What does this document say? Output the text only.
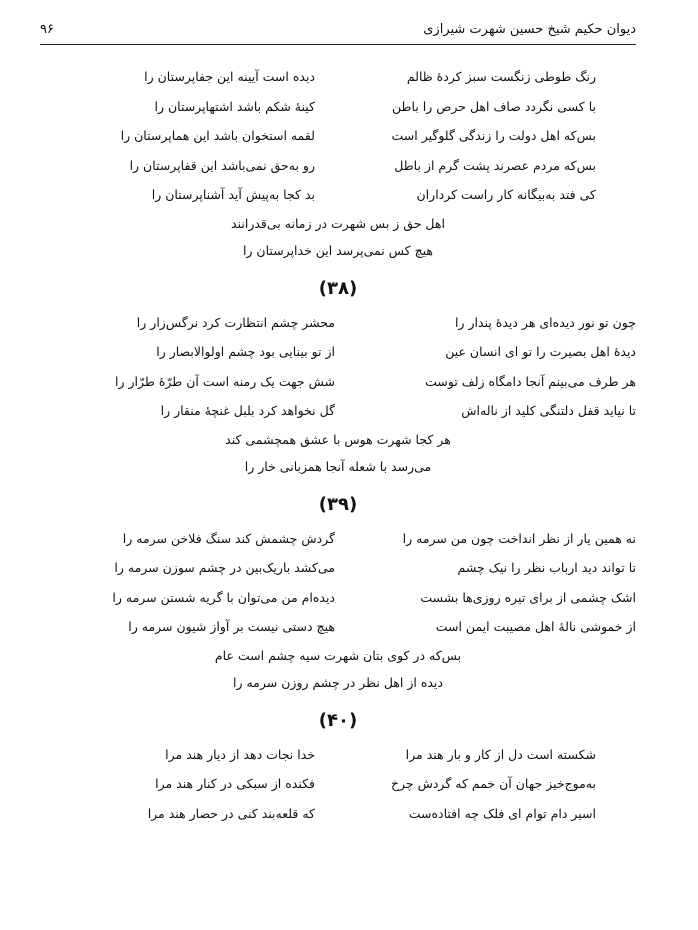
دیوان حکیم شیخ حسین شهرت شیرازی
۹۶
رنگ طوطی زنگست سبز کردهٔ ظالم
دیده است آیینه این جفاپرستان را
با کسی نگردد صاف اهل حرص را باطن
کینهٔ شکم باشد اشتهاپرستان را
بس‌که اهل دولت را زندگی گلوگیر است
لقمه استخوان باشد این هماپرستان را
بس‌که مردم عصرند پشت گرم از باطل
رو به‌حق نمی‌باشد این قفاپرستان را
کی فتد به‌بیگانه کار راست کرداران
بد کجا به‌پیش آید آشناپرستان را
اهل حق ز بس شهرت در زمانه بی‌قدرانند
هیچ کس نمی‌پرسد این خداپرستان را
(۳۸)
چون تو نور دیده‌ای هر دیدهٔ پندار را
محشر چشم انتظارت کرد نرگس‌زار را
دیدهٔ اهل بصیرت را تو ای انسان عین
از تو بینایی بود چشم اولوالابصار را
هر طرف می‌بینم آنجا دامگاه زلف توست
شش جهت یک رمنه است آن طرّهٔ طرّار را
تا نیاید قفل دلتنگی کلید از ناله‌اش
گل نخواهد کرد بلبل غنچهٔ منقار را
هر کجا شهرت هوس با عشق همچشمی کند
می‌رسد با شعله آنجا همزبانی خار را
(۳۹)
نه همین یار از نظر انداخت چون من سرمه را
گردش چشمش کند سنگ فلاخن سرمه را
تا تواند دید ارباب نظر را نیک چشم
می‌کشد باریک‌بین در چشم سوزن سرمه را
اشک چشمی از برای تیره روزی‌ها بشست
دیده‌ام من می‌توان با گریه شستن سرمه را
از خموشی نالهٔ اهل مصیبت ایمن است
هیچ دستی نیست بر آواز شیون سرمه را
بس‌که در کوی بتان شهرت سیه چشم است عام
دیده از اهل نظر در چشم روزن سرمه را
(۴۰)
شکسته است دل از کار و بار هند مرا
خدا نجات دهد از دیار هند مرا
به‌موج‌خیز جهان آن خمم که گردش چرخ
فکنده از سبکی در کنار هند مرا
اسیر دام توام ای فلک چه افتاده‌ست
که قلعه‌بند کنی در حصار هند مرا
